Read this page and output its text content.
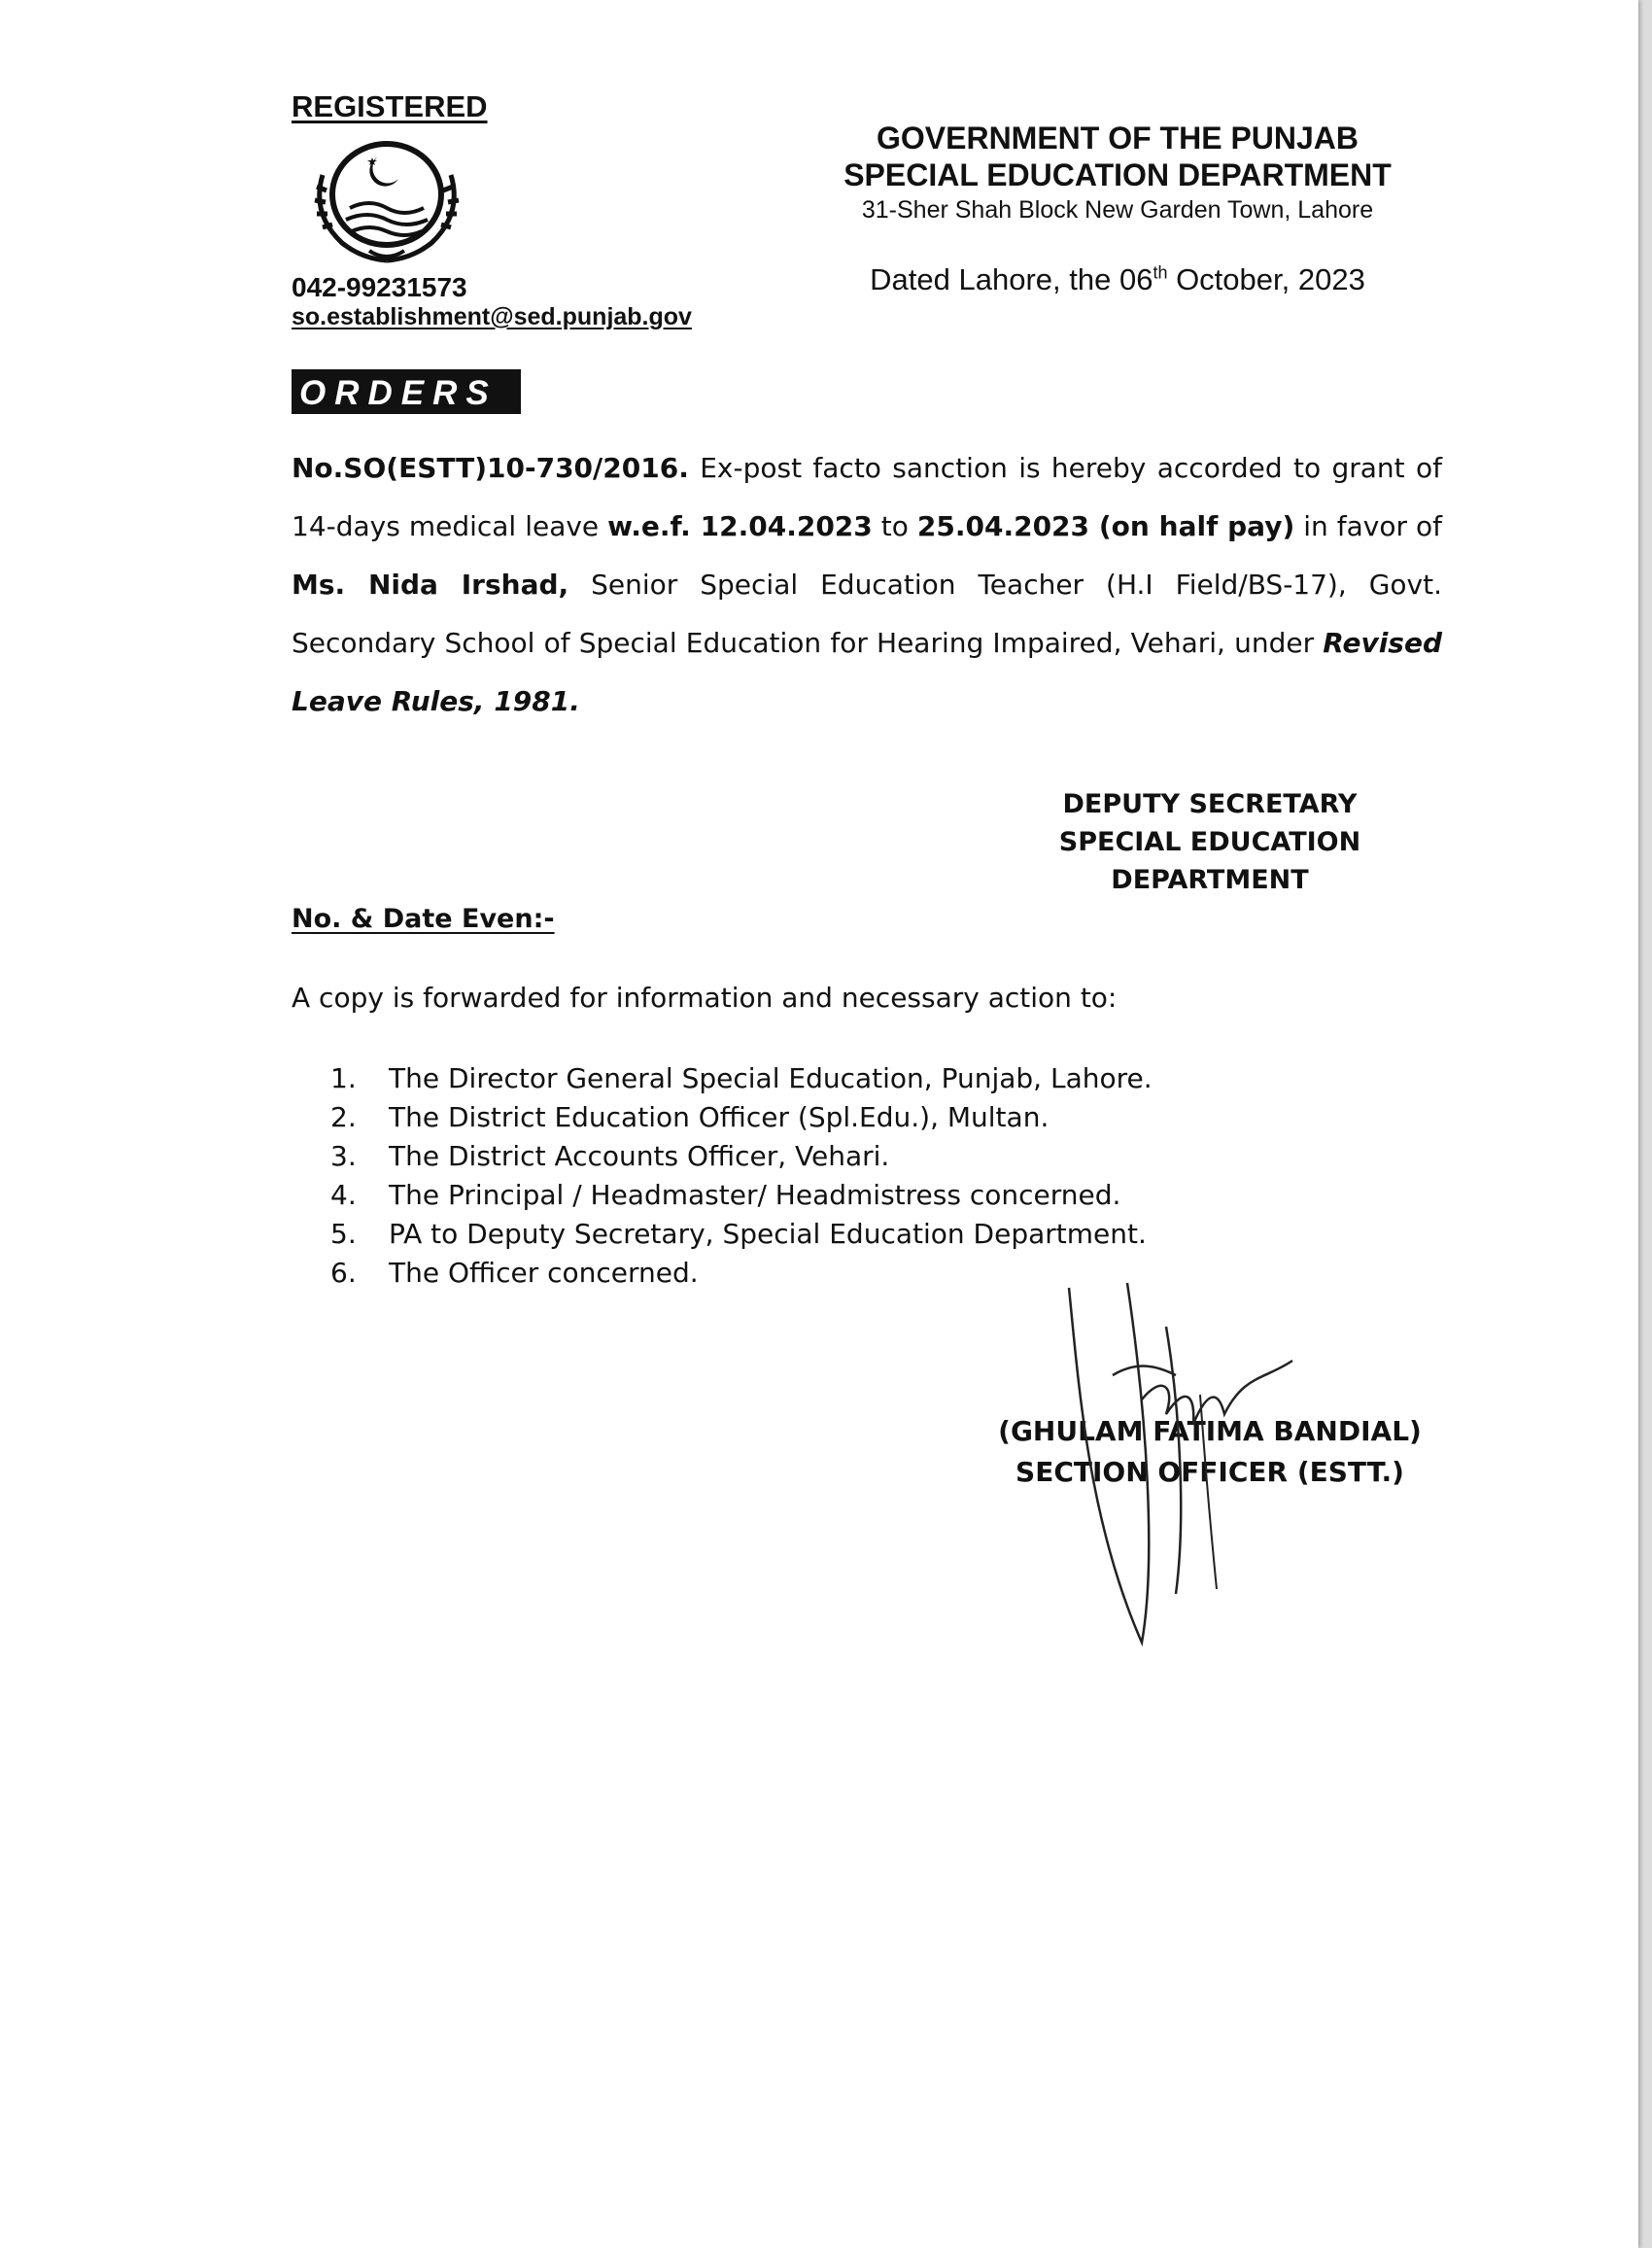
REGISTERED
042-99231573
so.establishment@sed.punjab.gov
GOVERNMENT OF THE PUNJAB
SPECIAL EDUCATION DEPARTMENT
31-Sher Shah Block New Garden Town, Lahore
Dated Lahore, the 06th October, 2023
ORDERS
No.SO(ESTT)10-730/2016. Ex-post facto sanction is hereby accorded to grant of 14-days medical leave w.e.f. 12.04.2023 to 25.04.2023 (on half pay) in favor of Ms. Nida Irshad, Senior Special Education Teacher (H.I Field/BS-17), Govt. Secondary School of Special Education for Hearing Impaired, Vehari, under Revised Leave Rules, 1981.
DEPUTY SECRETARY
SPECIAL EDUCATION
DEPARTMENT
No. & Date Even:-
A copy is forwarded for information and necessary action to:
1.	The Director General Special Education, Punjab, Lahore.
2.	The District Education Officer (Spl.Edu.), Multan.
3.	The District Accounts Officer, Vehari.
4.	The Principal / Headmaster/ Headmistress concerned.
5.	PA to Deputy Secretary, Special Education Department.
6.	The Officer concerned.
(GHULAM FATIMA BANDIAL)
SECTION OFFICER (ESTT.)
